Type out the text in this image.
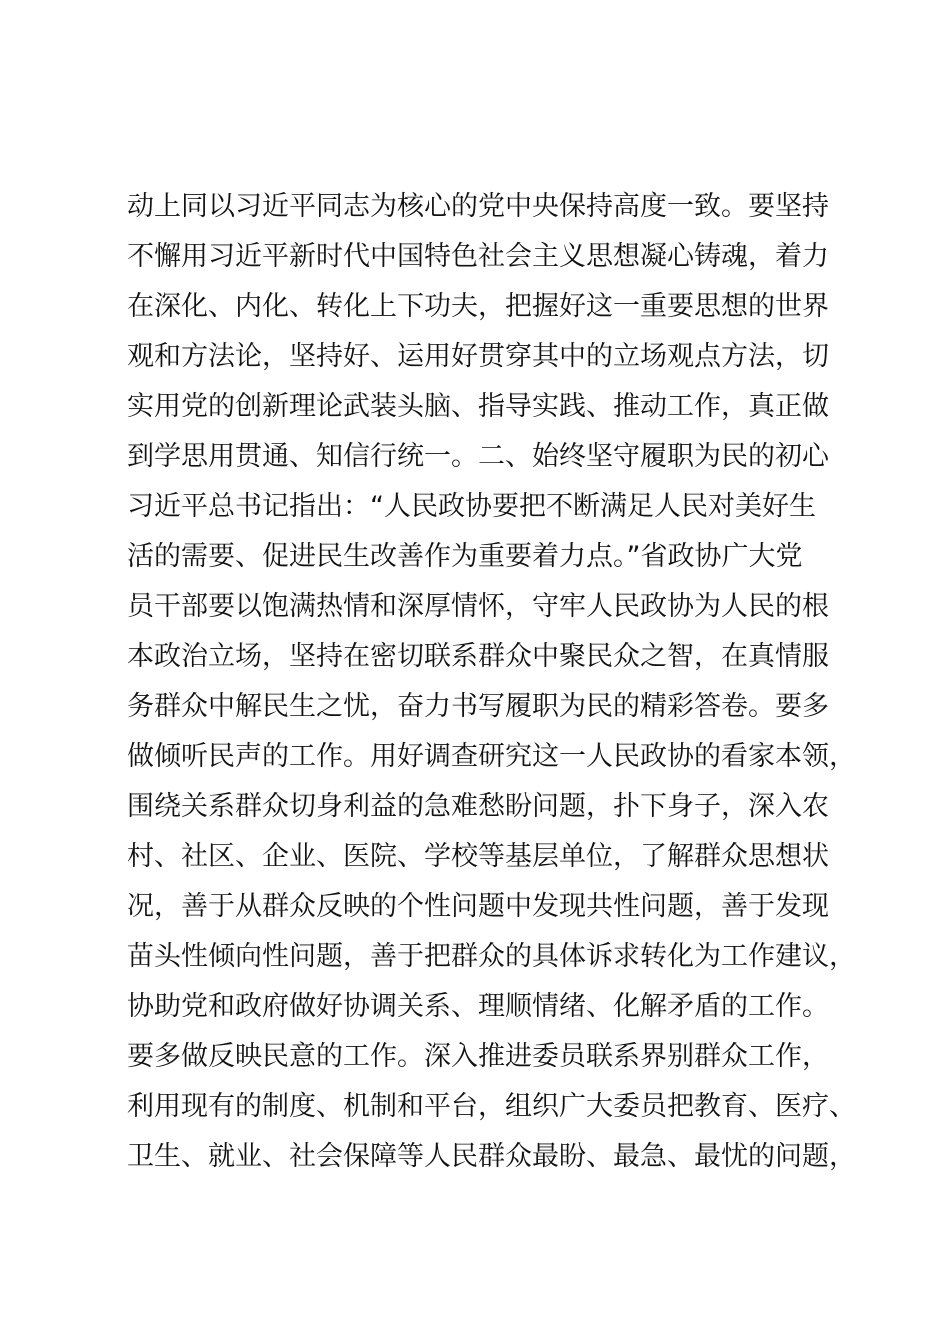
动上同以习近平同志为核心的党中央保持高度一致。要坚持
不懈用习近平新时代中国特色社会主义思想凝心铸魂，着力
在深化、内化、转化上下功夫，把握好这一重要思想的世界
观和方法论，坚持好、运用好贯穿其中的立场观点方法，切
实用党的创新理论武装头脑、指导实践、推动工作，真正做
到学思用贯通、知信行统一。二、始终坚守履职为民的初心
习近平总书记指出：“人民政协要把不断满足人民对美好生
活的需要、促进民生改善作为重要着力点。”省政协广大党
员干部要以饱满热情和深厚情怀，守牢人民政协为人民的根
本政治立场，坚持在密切联系群众中聚民众之智，在真情服
务群众中解民生之忧，奋力书写履职为民的精彩答卷。要多
做倾听民声的工作。用好调查研究这一人民政协的看家本领，
围绕关系群众切身利益的急难愁盼问题，扑下身子，深入农
村、社区、企业、医院、学校等基层单位，了解群众思想状
况，善于从群众反映的个性问题中发现共性问题，善于发现
苗头性倾向性问题，善于把群众的具体诉求转化为工作建议，
协助党和政府做好协调关系、理顺情绪、化解矛盾的工作。
要多做反映民意的工作。深入推进委员联系界别群众工作，
利用现有的制度、机制和平台，组织广大委员把教育、医疗、
卫生、就业、社会保障等人民群众最盼、最急、最忧的问题，
